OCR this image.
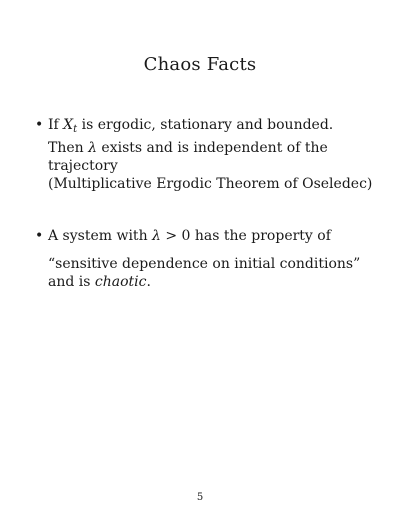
Chaos Facts
• If $X_t$ is ergodic, stationary and bounded.
Then λ exists and is independent of the
trajectory
(Multiplicative Ergodic Theorem of Oseledec)
• A system with λ > 0 has the property of
“sensitive dependence on initial conditions”
and is chaotic.
5
